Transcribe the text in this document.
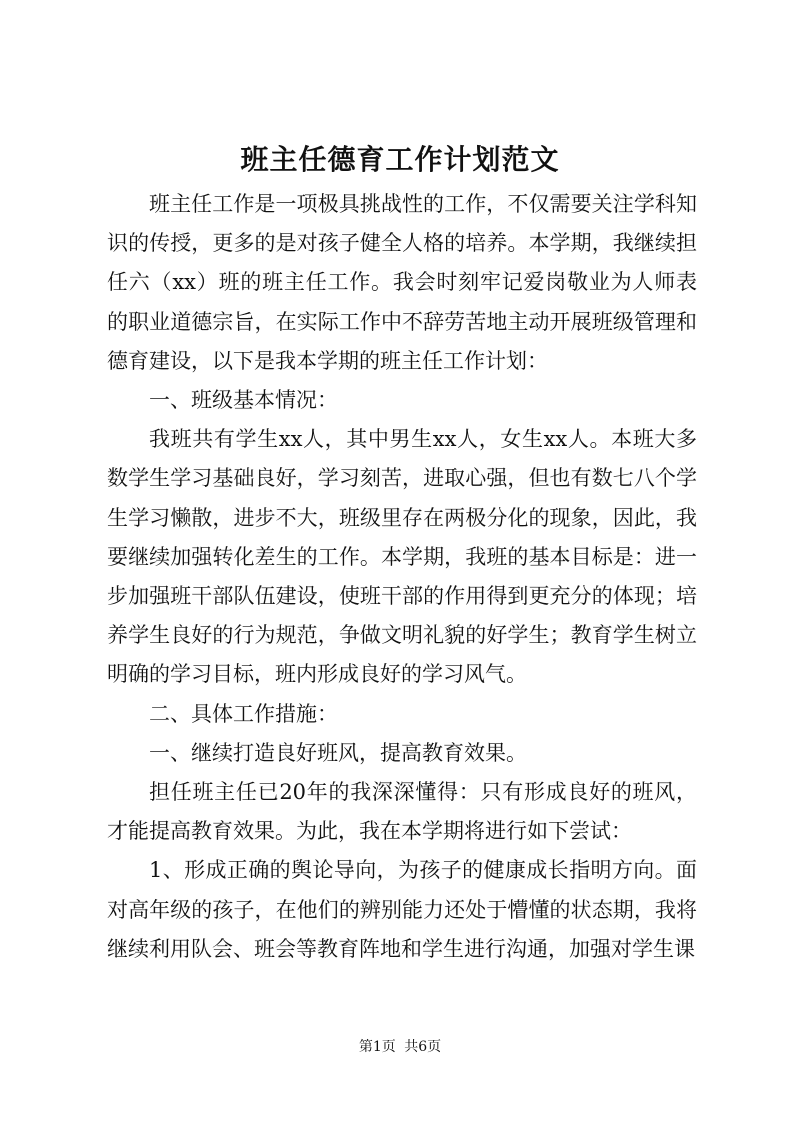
班主任德育工作计划范文

班主任工作是一项极具挑战性的工作，不仅需要关注学科知识的传授，更多的是对孩子健全人格的培养。本学期，我继续担任六（xx）班的班主任工作。我会时刻牢记爱岗敬业为人师表的职业道德宗旨，在实际工作中不辞劳苦地主动开展班级管理和德育建设，以下是我本学期的班主任工作计划：

一、班级基本情况：

我班共有学生xx人，其中男生xx人，女生xx人。本班大多数学生学习基础良好，学习刻苦，进取心强，但也有数七八个学生学习懒散，进步不大，班级里存在两极分化的现象，因此，我要继续加强转化差生的工作。本学期，我班的基本目标是：进一步加强班干部队伍建设，使班干部的作用得到更充分的体现；培养学生良好的行为规范，争做文明礼貌的好学生；教育学生树立明确的学习目标，班内形成良好的学习风气。

二、具体工作措施：

一、继续打造良好班风，提高教育效果。

担任班主任已20年的我深深懂得：只有形成良好的班风，才能提高教育效果。为此，我在本学期将进行如下尝试：

1、形成正确的舆论导向，为孩子的健康成长指明方向。面对高年级的孩子，在他们的辨别能力还处于懵懂的状态期，我将继续利用队会、班会等教育阵地和学生进行沟通，加强对学生课

第1页 共6页
